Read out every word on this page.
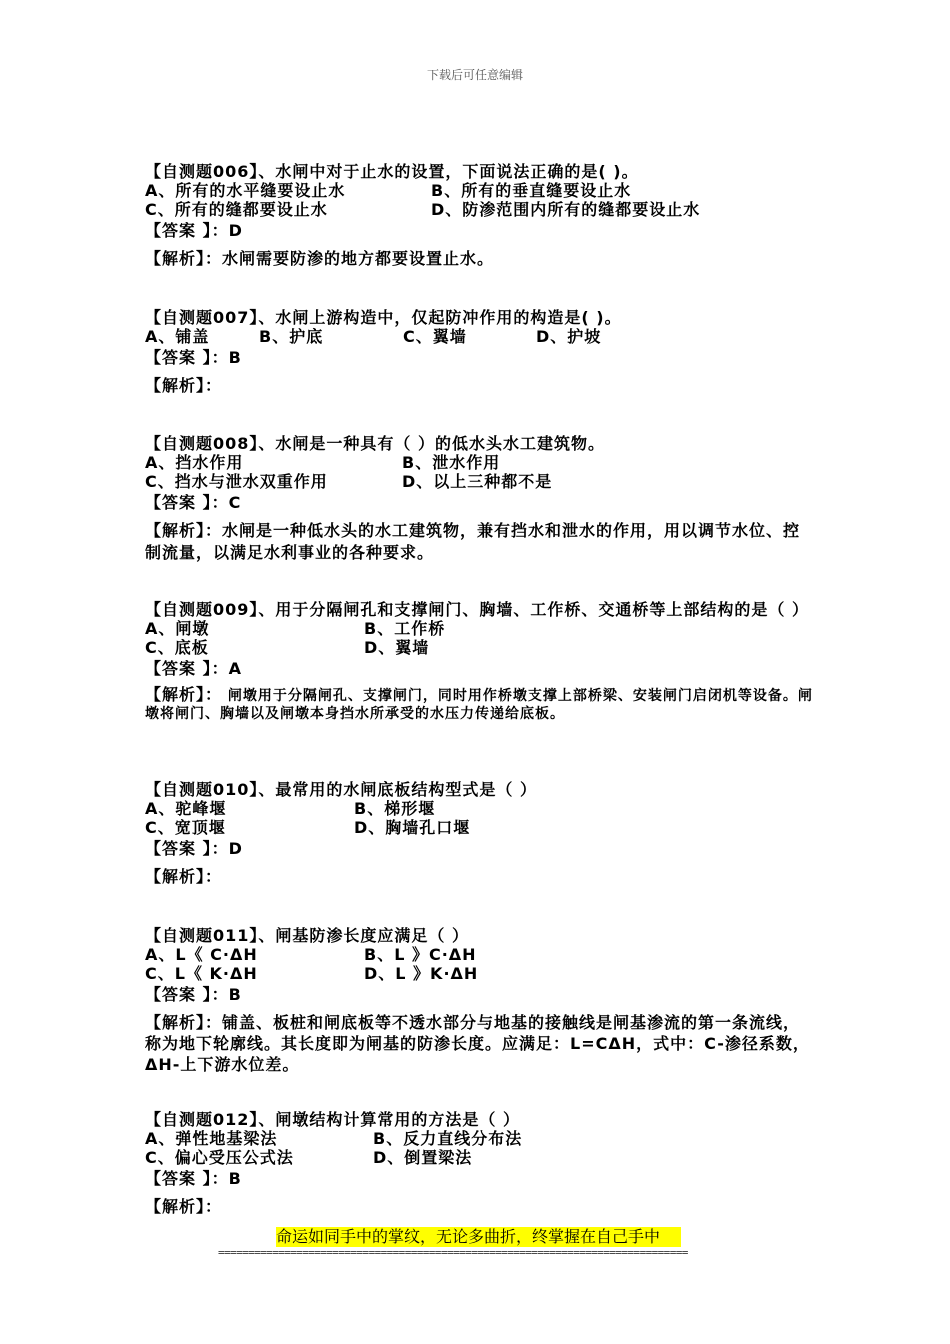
下载后可任意编辑
【自测题006】、水闸中对于止水的设置，下面说法正确的是( )。
A、所有的水平缝要设止水	B、所有的垂直缝要设止水
C、所有的缝都要设止水	D、防渗范围内所有的缝都要设止水
【答案 】：D
【解析】：水闸需要防渗的地方都要设置止水。
【自测题007】、水闸上游构造中，仅起防冲作用的构造是( )。
A、铺盖	B、护底	C、翼墙	D、护坡
【答案 】：B
【解析】：
【自测题008】、水闸是一种具有（ ）的低水头水工建筑物。
A、挡水作用	B、泄水作用
C、挡水与泄水双重作用	D、以上三种都不是
【答案 】：C
【解析】：水闸是一种低水头的水工建筑物，兼有挡水和泄水的作用，用以调节水位、控制流量，以满足水利事业的各种要求。
【自测题009】、用于分隔闸孔和支撑闸门、胸墙、工作桥、交通桥等上部结构的是（ ）
A、闸墩	B、工作桥
C、底板	D、翼墙
【答案 】：A
【解析】： 闸墩用于分隔闸孔、支撑闸门，同时用作桥墩支撑上部桥梁、安装闸门启闭机等设备。闸墩将闸门、胸墙以及闸墩本身挡水所承受的水压力传递给底板。
【自测题010】、最常用的水闸底板结构型式是（ ）
A、驼峰堰	B、梯形堰
C、宽顶堰	D、胸墙孔口堰
【答案 】：D
【解析】：
【自测题011】、闸基防渗长度应满足（ ）
A、L《 C·ΔH	B、L 》C·ΔH
C、L《 K·ΔH	D、L 》K·ΔH
【答案 】：B
【解析】：铺盖、板桩和闸底板等不透水部分与地基的接触线是闸基渗流的第一条流线，称为地下轮廓线。其长度即为闸基的防渗长度。应满足：L=CΔH，式中：C-渗径系数，ΔH-上下游水位差。
【自测题012】、闸墩结构计算常用的方法是（ ）
A、弹性地基梁法	B、反力直线分布法
C、偏心受压公式法	D、倒置梁法
【答案 】：B
【解析】：
命运如同手中的掌纹，无论多曲折，终掌握在自己手中
==============================================================================
